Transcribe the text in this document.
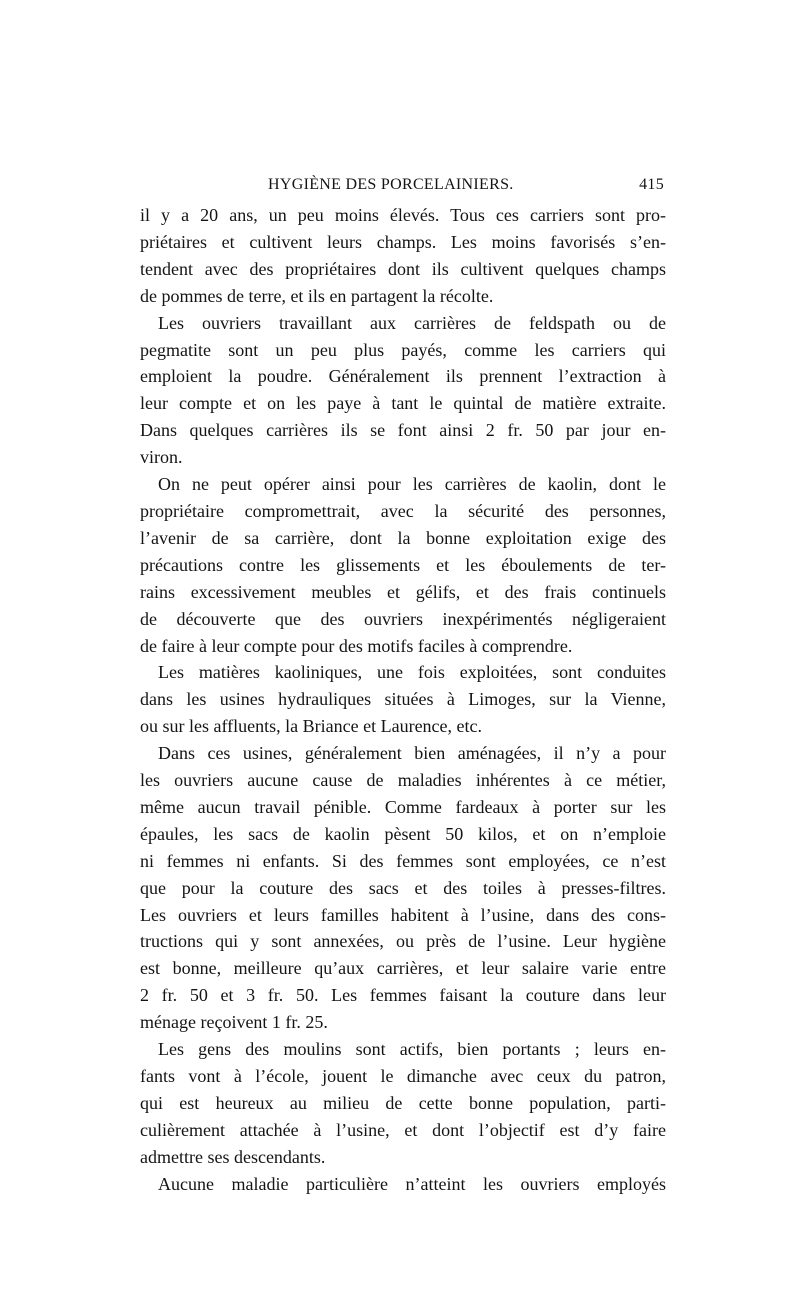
HYGIÈNE DES PORCELAINIERS.	415

il y a 20 ans, un peu moins élevés. Tous ces carriers sont pro-

priétaires et cultivent leurs champs. Les moins favorisés s’en-

tendent avec des propriétaires dont ils cultivent quelques champs

de pommes de terre, et ils en partagent la récolte.

Les ouvriers travaillant aux carrières de feldspath ou de

pegmatite sont un peu plus payés, comme les carriers qui

emploient la poudre. Généralement ils prennent l’extraction à

leur compte et on les paye à tant le quintal de matière extraite.

Dans quelques carrières ils se font ainsi 2 fr. 50 par jour en-

viron.

On ne peut opérer ainsi pour les carrières de kaolin, dont le

propriétaire compromettrait, avec la sécurité des personnes,

l’avenir de sa carrière, dont la bonne exploitation exige des

précautions contre les glissements et les éboulements de ter-

rains excessivement meubles et gélifs, et des frais continuels

de découverte que des ouvriers inexpérimentés négligeraient

de faire à leur compte pour des motifs faciles à comprendre.

Les matières kaoliniques, une fois exploitées, sont conduites

dans les usines hydrauliques situées à Limoges, sur la Vienne,

ou sur les affluents, la Briance et Laurence, etc.

Dans ces usines, généralement bien aménagées, il n’y a pour

les ouvriers aucune cause de maladies inhérentes à ce métier,

même aucun travail pénible. Comme fardeaux à porter sur les

épaules, les sacs de kaolin pèsent 50 kilos, et on n’emploie

ni femmes ni enfants. Si des femmes sont employées, ce n’est

que pour la couture des sacs et des toiles à presses-filtres.

Les ouvriers et leurs familles habitent à l’usine, dans des cons-

tructions qui y sont annexées, ou près de l’usine. Leur hygiène

est bonne, meilleure qu’aux carrières, et leur salaire varie entre

2 fr. 50 et 3 fr. 50. Les femmes faisant la couture dans leur

ménage reçoivent 1 fr. 25.

Les gens des moulins sont actifs, bien portants ; leurs en-

fants vont à l’école, jouent le dimanche avec ceux du patron,

qui est heureux au milieu de cette bonne population, parti-

culièrement attachée à l’usine, et dont l’objectif est d’y faire

admettre ses descendants.

Aucune maladie particulière n’atteint les ouvriers employés
